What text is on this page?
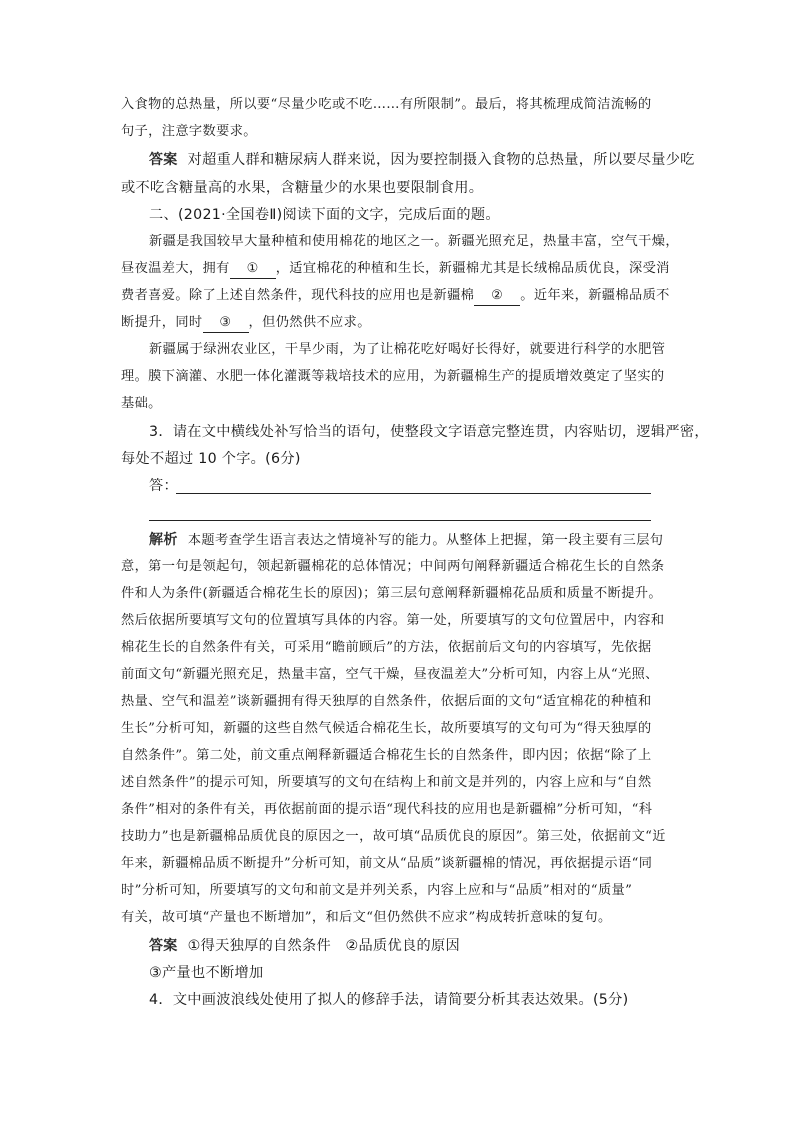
入食物的总热量，所以要“尽量少吃或不吃……有所限制”。最后，将其梳理成简洁流畅的
句子，注意字数要求。
答案 对超重人群和糖尿病人群来说，因为要控制摄入食物的总热量，所以要尽量少吃
或不吃含糖量高的水果，含糖量少的水果也要限制食用。
二、(2021·全国卷Ⅱ)阅读下面的文字，完成后面的题。
新疆是我国较早大量种植和使用棉花的地区之一。新疆光照充足，热量丰富，空气干燥，
昼夜温差大，拥有 ① ，适宜棉花的种植和生长，新疆棉尤其是长绒棉品质优良，深受消
费者喜爱。除了上述自然条件，现代科技的应用也是新疆棉 ② 。近年来，新疆棉品质不
断提升，同时 ③ ，但仍然供不应求。
新疆属于绿洲农业区，干旱少雨，为了让棉花吃好喝好长得好，就要进行科学的水肥管
理。膜下滴灌、水肥一体化灌溉等栽培技术的应用，为新疆棉生产的提质增效奠定了坚实的
基础。
3．请在文中横线处补写恰当的语句，使整段文字语意完整连贯，内容贴切，逻辑严密，
每处不超过 10 个字。(6分)
答：
解析 本题考查学生语言表达之情境补写的能力。从整体上把握，第一段主要有三层句
意，第一句是领起句，领起新疆棉花的总体情况；中间两句阐释新疆适合棉花生长的自然条
件和人为条件(新疆适合棉花生长的原因)；第三层句意阐释新疆棉花品质和质量不断提升。
然后依据所要填写文句的位置填写具体的内容。第一处，所要填写的文句位置居中，内容和
棉花生长的自然条件有关，可采用“瞻前顾后”的方法，依据前后文句的内容填写，先依据
前面文句“新疆光照充足，热量丰富，空气干燥，昼夜温差大”分析可知，内容上从“光照、
热量、空气和温差”谈新疆拥有得天独厚的自然条件，依据后面的文句“适宜棉花的种植和
生长”分析可知，新疆的这些自然气候适合棉花生长，故所要填写的文句可为“得天独厚的
自然条件”。第二处，前文重点阐释新疆适合棉花生长的自然条件，即内因；依据“除了上
述自然条件”的提示可知，所要填写的文句在结构上和前文是并列的，内容上应和与“自然
条件”相对的条件有关，再依据前面的提示语“现代科技的应用也是新疆棉”分析可知，“科
技助力”也是新疆棉品质优良的原因之一，故可填“品质优良的原因”。第三处，依据前文“近
年来，新疆棉品质不断提升”分析可知，前文从“品质”谈新疆棉的情况，再依据提示语“同
时”分析可知，所要填写的文句和前文是并列关系，内容上应和与“品质”相对的“质量”
有关，故可填“产量也不断增加”，和后文“但仍然供不应求”构成转折意味的复句。
答案 ①得天独厚的自然条件　②品质优良的原因
③产量也不断增加
4．文中画波浪线处使用了拟人的修辞手法，请简要分析其表达效果。(5分)
